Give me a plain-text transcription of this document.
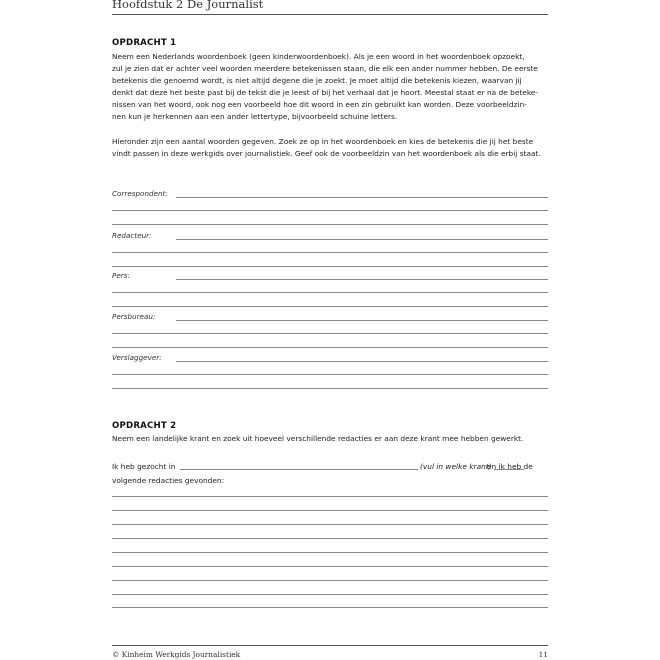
Hoofdstuk 2 De Journalist
OPDRACHT 1

Neem een Nederlands woordenboek (geen kinderwoordenboek). Als je een woord in het woordenboek opzoekt,
zul je zien dat er achter veel woorden meerdere betekenissen staan, die elk een ander nummer hebben. De eerste
betekenis die genoemd wordt, is niet altijd degene die je zoekt. Je moet altijd die betekenis kiezen, waarvan jij
denkt dat deze het beste past bij de tekst die je leest of bij het verhaal dat je hoort. Meestal staat er na de beteke-
nissen van het woord, ook nog een voorbeeld hoe dit woord in een zin gebruikt kan worden. Deze voorbeeldzin-
nen kun je herkennen aan een ander lettertype, bijvoorbeeld schuine letters.

Hieronder zijn een aantal woorden gegeven. Zoek ze op in het woordenboek en kies de betekenis die jij het beste
vindt passen in deze werkgids over journalistiek. Geef ook de voorbeeldzin van het woordenboek als die erbij staat.

Correspondent:
Redacteur:
Pers:
Persbureau:
Verslaggever:
OPDRACHT 2

Neem een landelijke krant en zoek uit hoeveel verschillende redacties er aan deze krant mee hebben gewerkt.

Ik heb gezocht in	(vul in welke krant)
en ik heb de
volgende redacties gevonden:
© Kinheim Werkgids Journalistiek	11
